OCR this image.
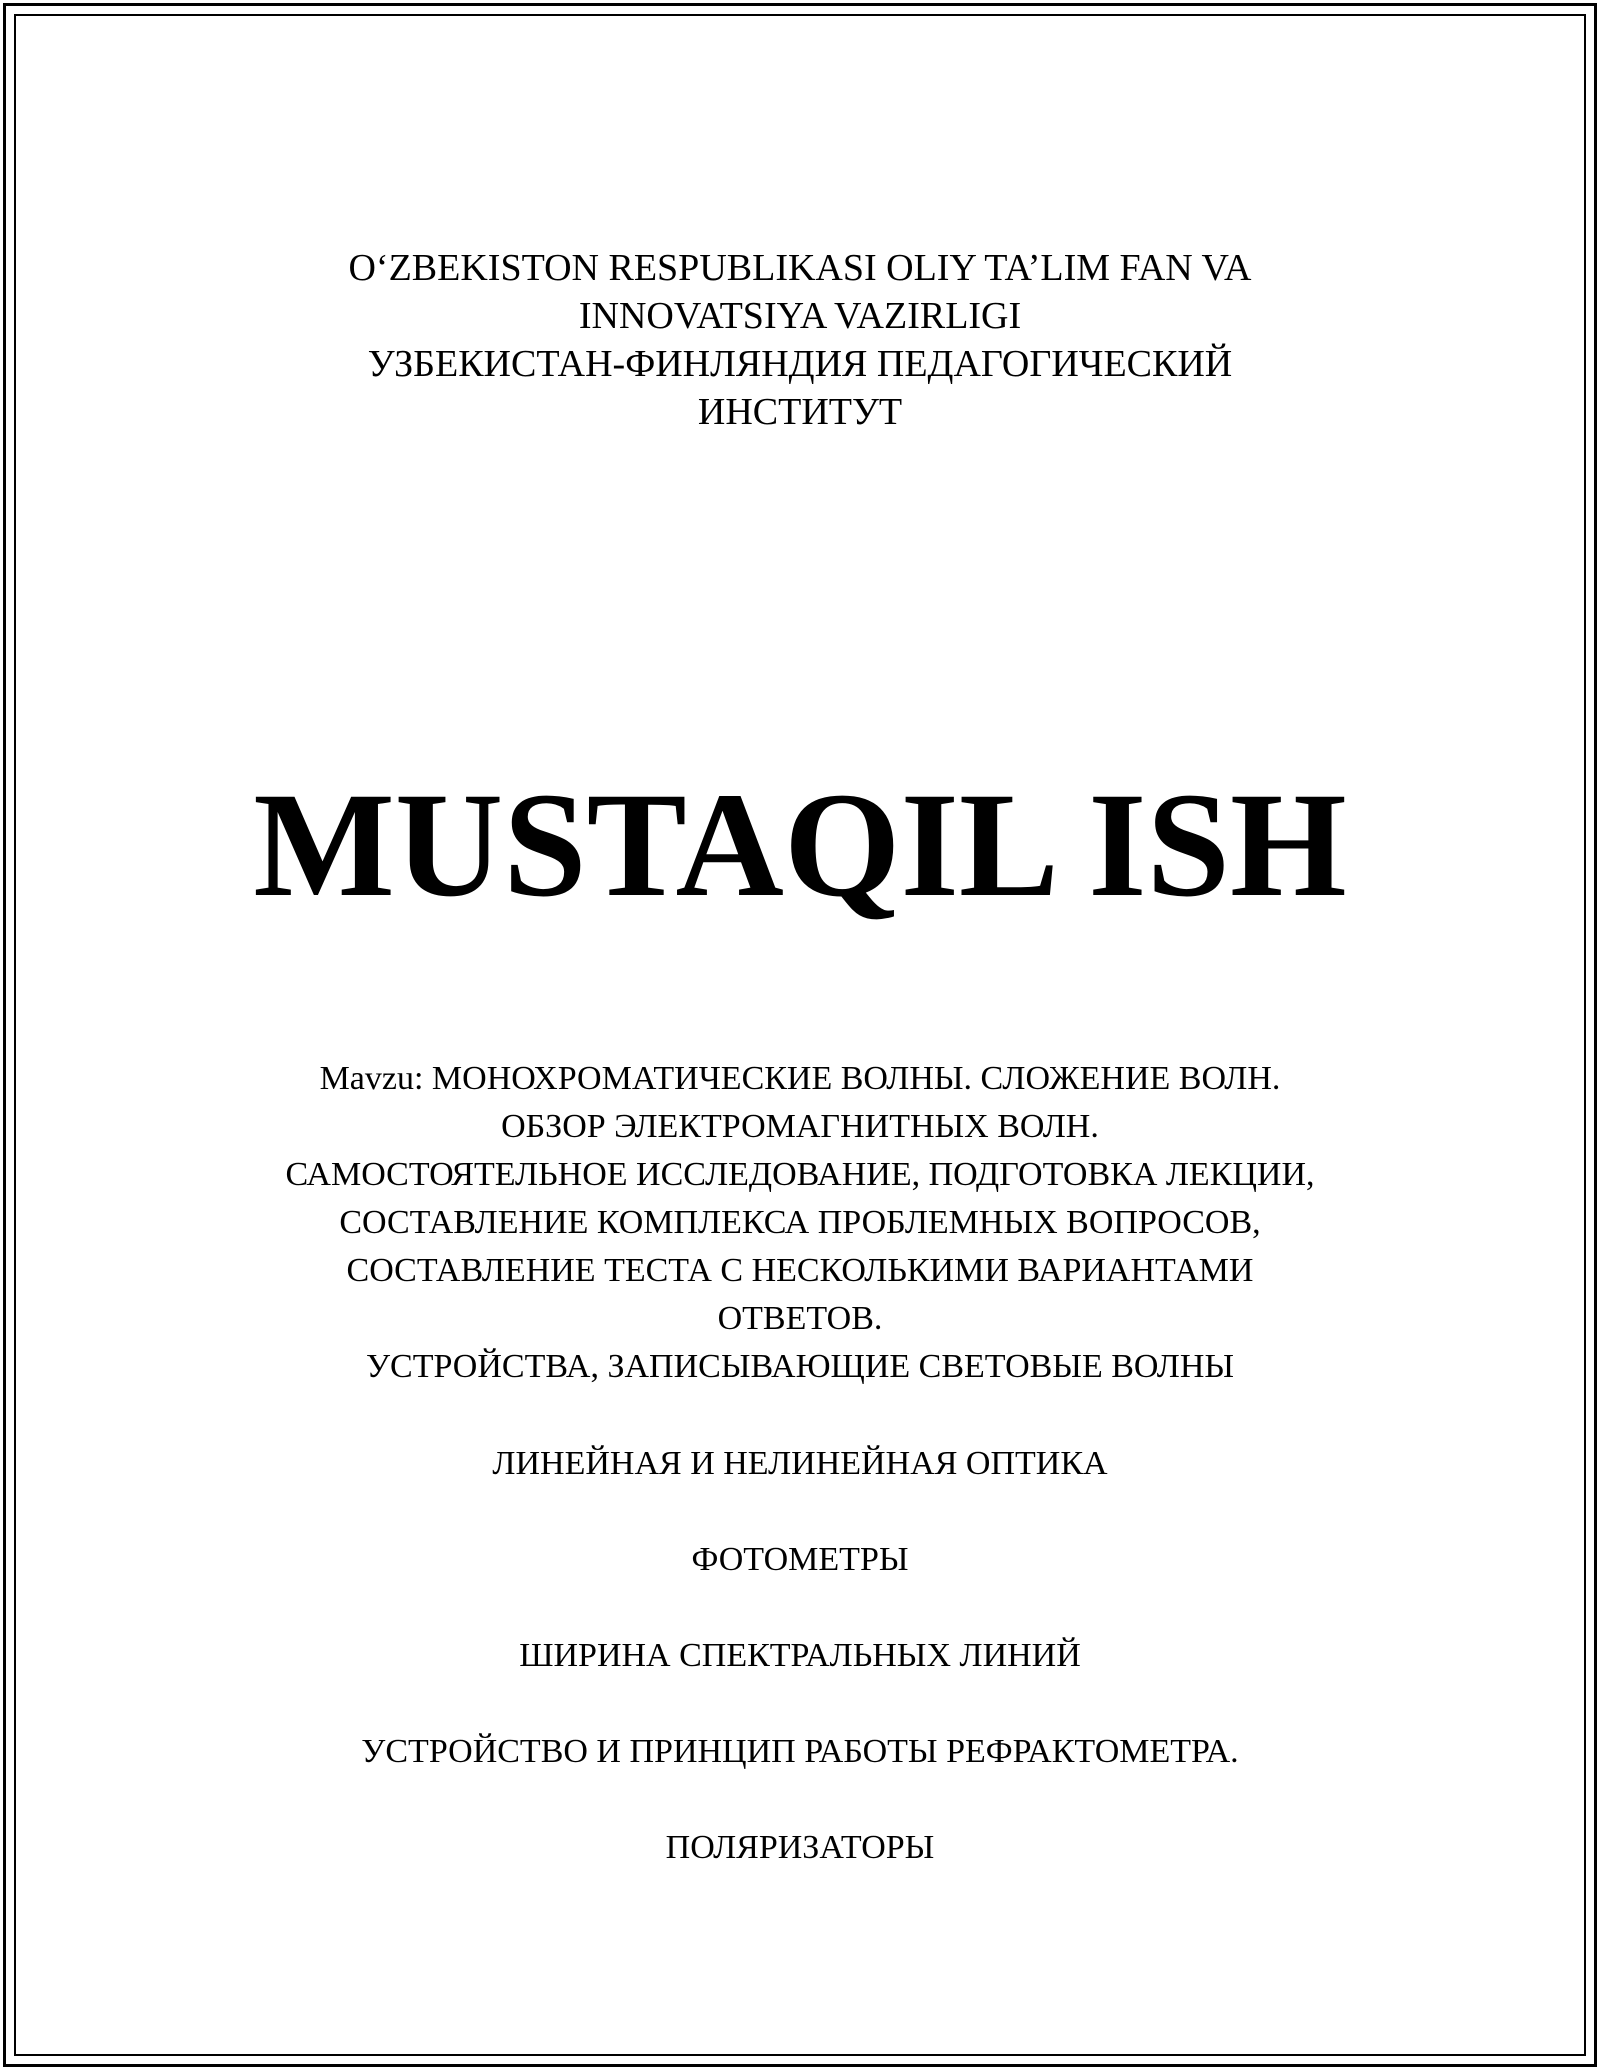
O‘ZBEKISTON RESPUBLIKASI OLIY TA’LIM FAN VA
INNOVATSIYA VAZIRLIGI
УЗБЕКИСТАН-ФИНЛЯНДИЯ ПЕДАГОГИЧЕСКИЙ
ИНСТИТУТ
MUSTAQIL ISH
Mavzu: МОНОХРОМАТИЧЕСКИЕ ВОЛНЫ. СЛОЖЕНИЕ ВОЛН.
ОБЗОР ЭЛЕКТРОМАГНИТНЫХ ВОЛН.
САМОСТОЯТЕЛЬНОЕ ИССЛЕДОВАНИЕ, ПОДГОТОВКА ЛЕКЦИИ,
СОСТАВЛЕНИЕ КОМПЛЕКСА ПРОБЛЕМНЫХ ВОПРОСОВ,
СОСТАВЛЕНИЕ ТЕСТА С НЕСКОЛЬКИМИ ВАРИАНТАМИ
ОТВЕТОВ.
УСТРОЙСТВА, ЗАПИСЫВАЮЩИЕ СВЕТОВЫЕ ВОЛНЫ
ЛИНЕЙНАЯ И НЕЛИНЕЙНАЯ ОПТИКА
ФОТОМЕТРЫ
ШИРИНА СПЕКТРАЛЬНЫХ ЛИНИЙ
УСТРОЙСТВО И ПРИНЦИП РАБОТЫ РЕФРАКТОМЕТРА.
ПОЛЯРИЗАТОРЫ
